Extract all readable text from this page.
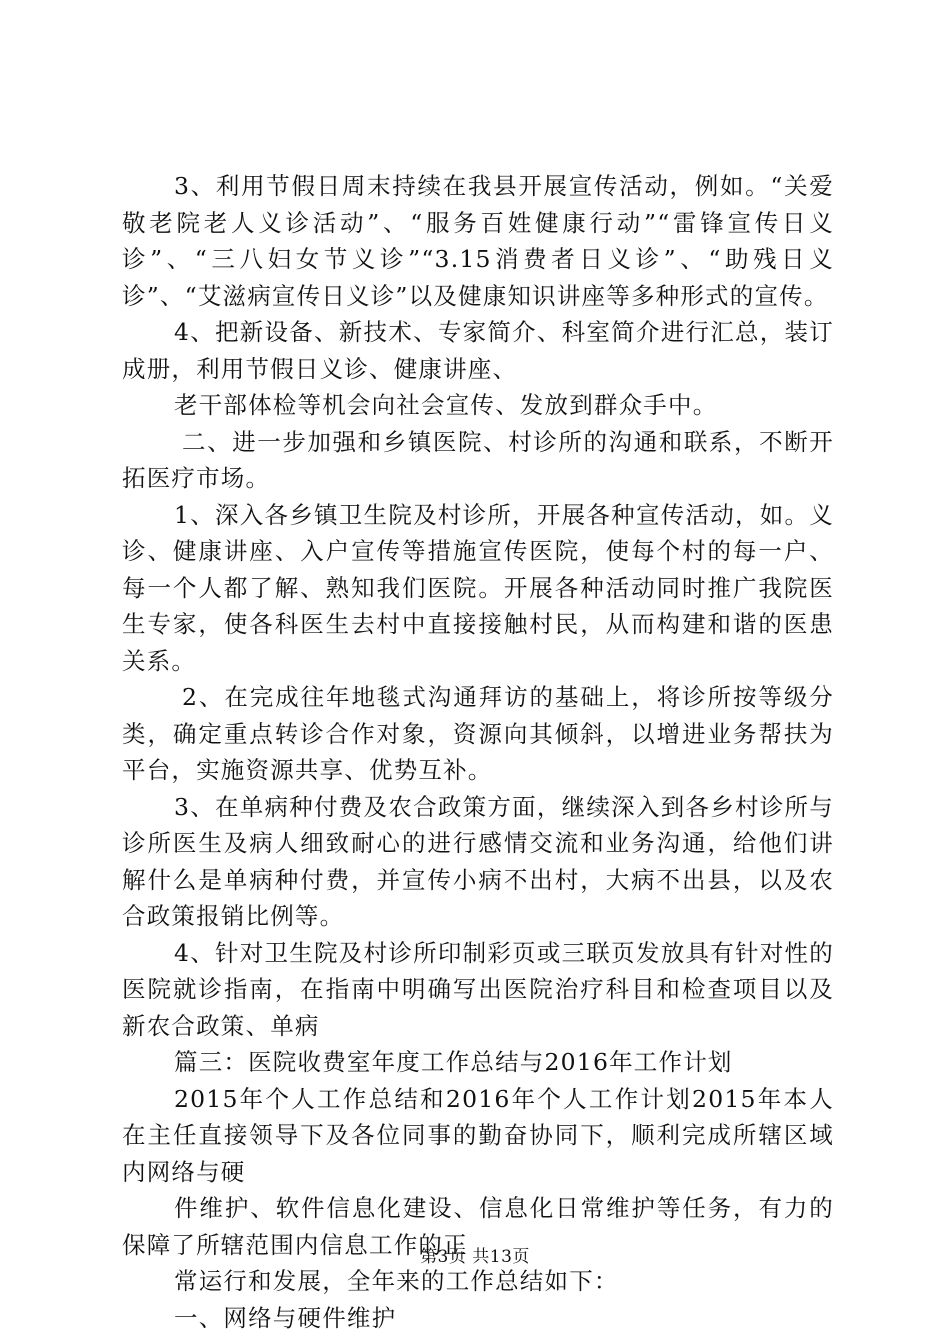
3、利用节假日周末持续在我县开展宣传活动，例如。“关爱敬老院老人义诊活动”、“服务百姓健康行动”“雷锋宣传日义诊”、“三八妇女节义诊”“3.15消费者日义诊”、“助残日义诊”、“艾滋病宣传日义诊”以及健康知识讲座等多种形式的宣传。

4、把新设备、新技术、专家简介、科室简介进行汇总，装订成册，利用节假日义诊、健康讲座、

老干部体检等机会向社会宣传、发放到群众手中。

二、进一步加强和乡镇医院、村诊所的沟通和联系，不断开拓医疗市场。

1、深入各乡镇卫生院及村诊所，开展各种宣传活动，如。义诊、健康讲座、入户宣传等措施宣传医院，使每个村的每一户、每一个人都了解、熟知我们医院。开展各种活动同时推广我院医生专家，使各科医生去村中直接接触村民，从而构建和谐的医患关系。

2、在完成往年地毯式沟通拜访的基础上，将诊所按等级分类，确定重点转诊合作对象，资源向其倾斜，以增进业务帮扶为平台，实施资源共享、优势互补。

3、在单病种付费及农合政策方面，继续深入到各乡村诊所与诊所医生及病人细致耐心的进行感情交流和业务沟通，给他们讲解什么是单病种付费，并宣传小病不出村，大病不出县，以及农合政策报销比例等。

4、针对卫生院及村诊所印制彩页或三联页发放具有针对性的医院就诊指南，在指南中明确写出医院治疗科目和检查项目以及新农合政策、单病

篇三：医院收费室年度工作总结与2016年工作计划

2015年个人工作总结和2016年个人工作计划2015年本人在主任直接领导下及各位同事的勤奋协同下，顺利完成所辖区域内网络与硬

件维护、软件信息化建设、信息化日常维护等任务，有力的保障了所辖范围内信息工作的正

常运行和发展，全年来的工作总结如下：

一、网络与硬件维护

第3页 共13页
